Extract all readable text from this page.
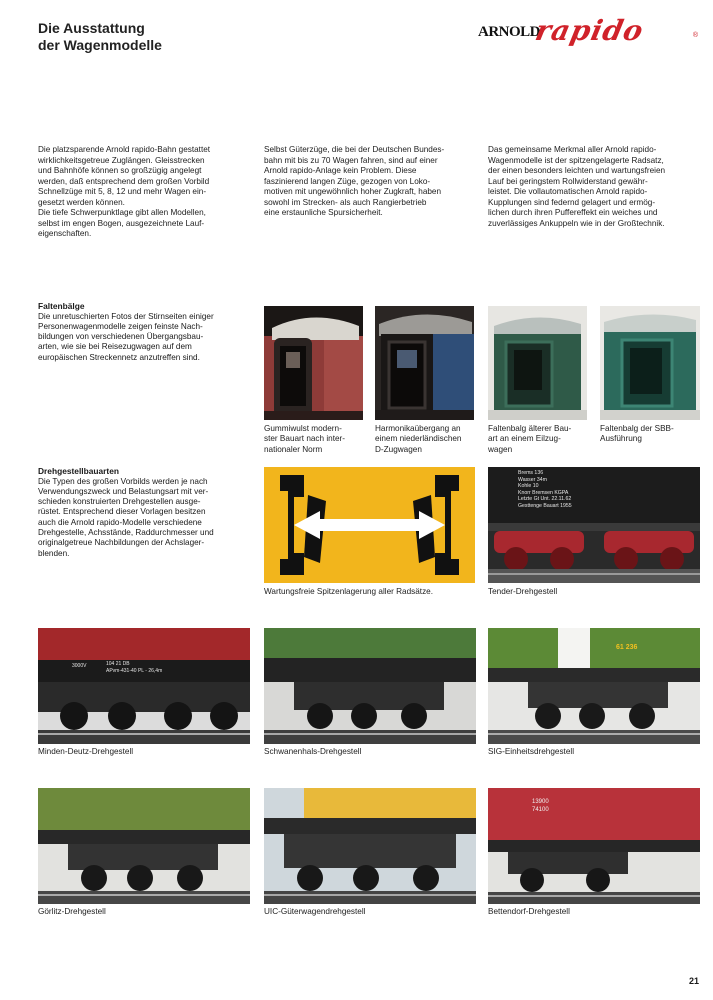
Die Ausstattung
der Wagenmodelle
ARNOLD
rapido	®
Die platzsparende Arnold rapido-Bahn gestattet
wirklichkeitsgetreue Zuglängen. Gleisstrecken
und Bahnhöfe können so großzügig angelegt
werden, daß entsprechend dem großen Vorbild
Schnellzüge mit 5, 8, 12 und mehr Wagen ein-
gesetzt werden können.
Die tiefe Schwerpunktlage gibt allen Modellen,
selbst im engen Bogen, ausgezeichnete Lauf-
eigenschaften.
Selbst Güterzüge, die bei der Deutschen Bundes-
bahn mit bis zu 70 Wagen fahren, sind auf einer
Arnold rapido-Anlage kein Problem. Diese
faszinierend langen Züge, gezogen von Loko-
motiven mit ungewöhnlich hoher Zugkraft, haben
sowohl im Strecken- als auch Rangierbetrieb
eine erstaunliche Spursicherheit.
Das gemeinsame Merkmal aller Arnold rapido-
Wagenmodelle ist der spitzengelagerte Radsatz,
der einen besonders leichten und wartungsfreien
Lauf bei geringstem Rollwiderstand gewähr-
leistet. Die vollautomatischen Arnold rapido-
Kupplungen sind federnd gelagert und ermög-
lichen durch ihren Puffereffekt ein weiches und
zuverlässiges Ankuppeln wie in der Großtechnik.
Faltenbälge
Die unretuschierten Fotos der Stirnseiten einiger
Personenwagenmodelle zeigen feinste Nach-
bildungen von verschiedenen Übergangsbau-
arten, wie sie bei Reisezugwagen auf dem
europäischen Streckennetz anzutreffen sind.
Gummiwulst modern-
ster Bauart nach inter-
nationaler Norm
Harmonikaübergang an
einem niederländischen
D-Zugwagen
Faltenbalg älterer Bau-
art an einem Eilzug-
wagen
Faltenbalg der SBB-
Ausführung
Drehgestellbauarten
Die Typen des großen Vorbilds werden je nach
Verwendungszweck und Belastungsart mit ver-
schieden konstruierten Drehgestellen ausge-
rüstet. Entsprechend dieser Vorlagen besitzen
auch die Arnold rapido-Modelle verschiedene
Drehgestelle, Achsstände, Raddurchmesser und
originalgetreue Nachbildungen der Achslager-
blenden.
Brems 136
Wasser 34m
Kohle 10
Knorr Bremsen KGPA
Letzte Gt Unt. 22.11.62
Gesttenge Bauart 1955
Wartungsfreie Spitzenlagerung aller Radsätze.	Tender-Drehgestell
104 21 DB
APvm-431-40 PL - 26,4m
3000V
61 236
Minden-Deutz-Drehgestell	Schwanenhals-Drehgestell	SIG-Einheitsdrehgestell
13900
74100
Görlitz-Drehgestell	UIC-Güterwagendrehgestell	Bettendorf-Drehgestell
21
